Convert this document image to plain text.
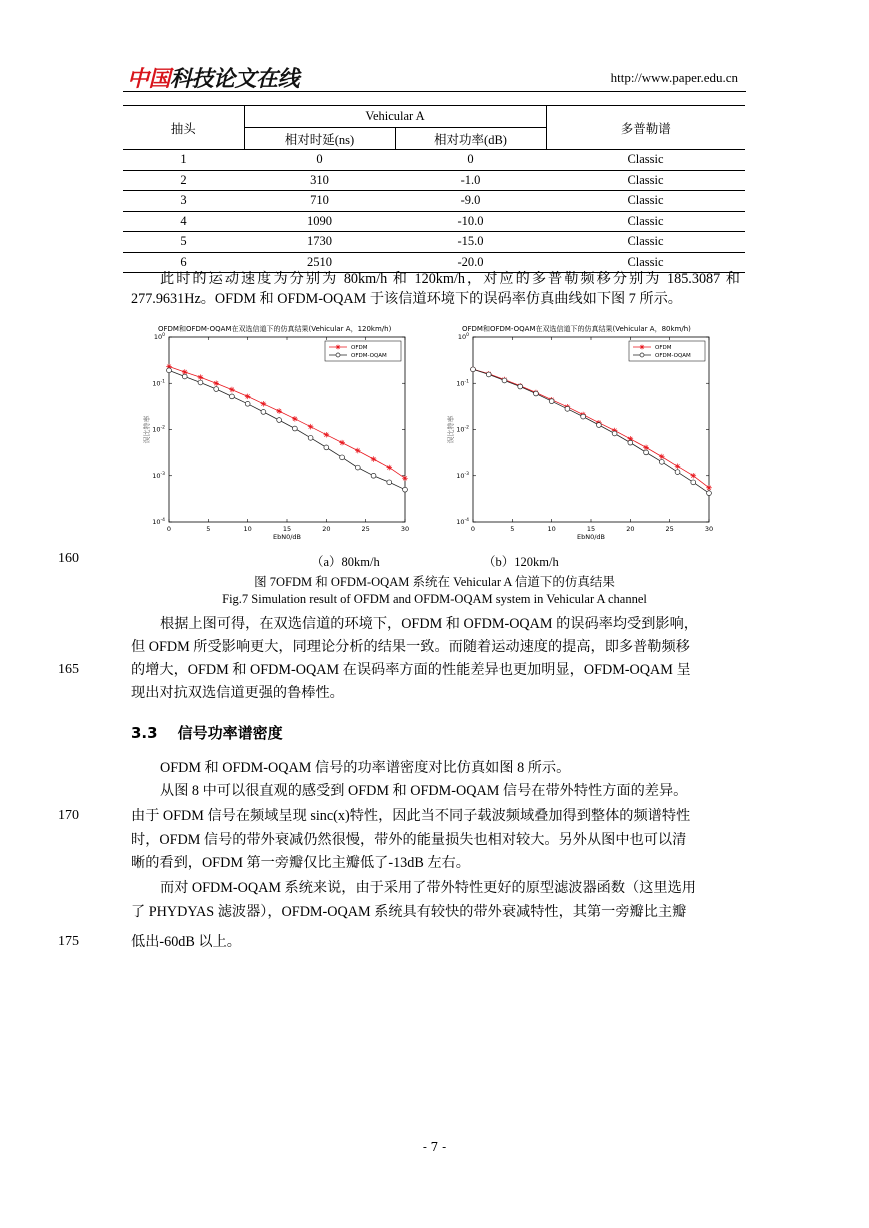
中国科技论文在线	http://www.paper.edu.cn
抽头	Vehicular A		多普勒谱
	相对时延(ns)	相对功率(dB)	
1	0	0	Classic
2	310	-1.0	Classic
3	710	-9.0	Classic
4	1090	-10.0	Classic
5	1730	-15.0	Classic
6	2510	-20.0	Classic
此时的运动速度为分别为 80km/h 和 120km/h，对应的多普勒频移分别为 185.3087 和 277.9631Hz。OFDM 和 OFDM-OQAM 于该信道环境下的误码率仿真曲线如下图 7 所示。
OFDM和OFDM-OQAM在双选信道下的仿真结果(Vehicular A，120km/h)
0	5	10	15	20	25	30
$10^0$
$10^{-1}$
$10^{-2}$
$10^{-3}$
$10^{-4}$
EbN0/dB
误比特率
OFDM
OFDM-OQAM
OFDM和OFDM-OQAM在双选信道下的仿真结果(Vehicular A，80km/h)
0	5	10	15	20	25	30
$10^0$
$10^{-1}$
$10^{-2}$
$10^{-3}$
$10^{-4}$
EbN0/dB
误比特率
OFDM
OFDM-OQAM
160	（a）80km/h	（b）120km/h
图 7OFDM 和 OFDM-OQAM 系统在 Vehicular A 信道下的仿真结果
Fig.7 Simulation result of OFDM and OFDM-OQAM system in Vehicular A channel
根据上图可得，在双选信道的环境下，OFDM 和 OFDM-OQAM 的误码率均受到影响，
但 OFDM 所受影响更大，同理论分析的结果一致。而随着运动速度的提高，即多普勒频移
165	的增大，OFDM 和 OFDM-OQAM 在误码率方面的性能差异也更加明显，OFDM-OQAM 呈
现出对抗双选信道更强的鲁棒性。
3.3 信号功率谱密度
OFDM 和 OFDM-OQAM 信号的功率谱密度对比仿真如图 8 所示。
从图 8 中可以很直观的感受到 OFDM 和 OFDM-OQAM 信号在带外特性方面的差异。
170	由于 OFDM 信号在频域呈现 sinc(x)特性，因此当不同子载波频域叠加得到整体的频谱特性
时，OFDM 信号的带外衰减仍然很慢，带外的能量损失也相对较大。另外从图中也可以清
晰的看到，OFDM 第一旁瓣仅比主瓣低了-13dB 左右。
而对 OFDM-OQAM 系统来说，由于采用了带外特性更好的原型滤波器函数（这里选用
了 PHYDYAS 滤波器），OFDM-OQAM 系统具有较快的带外衰减特性，其第一旁瓣比主瓣
175	低出-60dB 以上。
- 7 -
